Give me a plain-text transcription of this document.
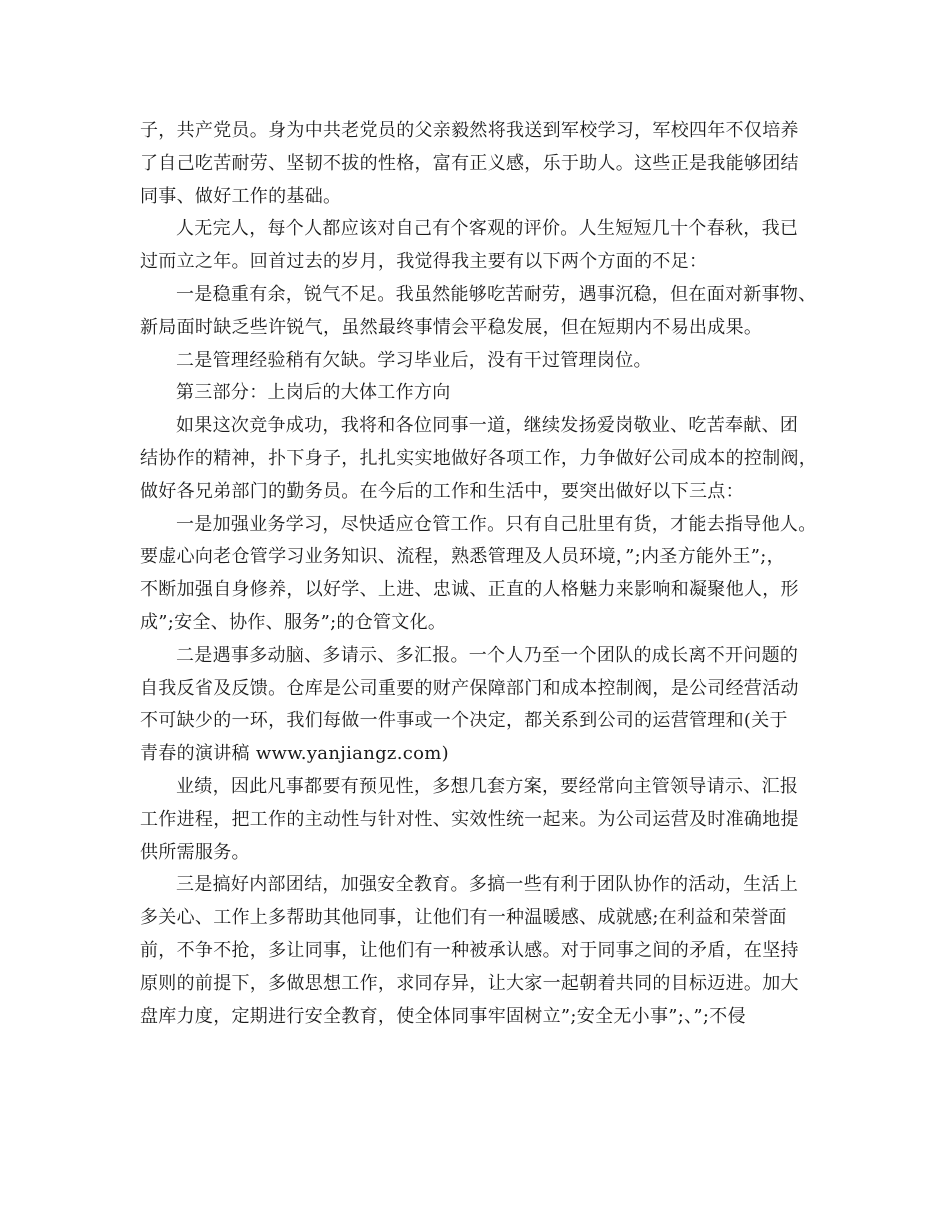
子，共产党员。身为中共老党员的父亲毅然将我送到军校学习，军校四年不仅培养
了自己吃苦耐劳、坚韧不拔的性格，富有正义感，乐于助人。这些正是我能够团结
同事、做好工作的基础。
人无完人，每个人都应该对自己有个客观的评价。人生短短几十个春秋，我已
过而立之年。回首过去的岁月，我觉得我主要有以下两个方面的不足：
一是稳重有余，锐气不足。我虽然能够吃苦耐劳，遇事沉稳，但在面对新事物、
新局面时缺乏些许锐气，虽然最终事情会平稳发展，但在短期内不易出成果。
二是管理经验稍有欠缺。学习毕业后，没有干过管理岗位。
第三部分：上岗后的大体工作方向
如果这次竞争成功，我将和各位同事一道，继续发扬爱岗敬业、吃苦奉献、团
结协作的精神，扑下身子，扎扎实实地做好各项工作，力争做好公司成本的控制阀，
做好各兄弟部门的勤务员。在今后的工作和生活中，要突出做好以下三点：
一是加强业务学习，尽快适应仓管工作。只有自己肚里有货，才能去指导他人。
要虚心向老仓管学习业务知识、流程，熟悉管理及人员环境，”;内圣方能外王”;，
不断加强自身修养，以好学、上进、忠诚、正直的人格魅力来影响和凝聚他人，形
成”;安全、协作、服务”;的仓管文化。
二是遇事多动脑、多请示、多汇报。一个人乃至一个团队的成长离不开问题的
自我反省及反馈。仓库是公司重要的财产保障部门和成本控制阀，是公司经营活动
不可缺少的一环，我们每做一件事或一个决定，都关系到公司的运营管理和(关于
青春的演讲稿 www.yanjiangz.com)
业绩，因此凡事都要有预见性，多想几套方案，要经常向主管领导请示、汇报
工作进程，把工作的主动性与针对性、实效性统一起来。为公司运营及时准确地提
供所需服务。
三是搞好内部团结，加强安全教育。多搞一些有利于团队协作的活动，生活上
多关心、工作上多帮助其他同事，让他们有一种温暖感、成就感;在利益和荣誉面
前，不争不抢，多让同事，让他们有一种被承认感。对于同事之间的矛盾，在坚持
原则的前提下，多做思想工作，求同存异，让大家一起朝着共同的目标迈进。加大
盘库力度，定期进行安全教育，使全体同事牢固树立”;安全无小事”;、”;不侵
